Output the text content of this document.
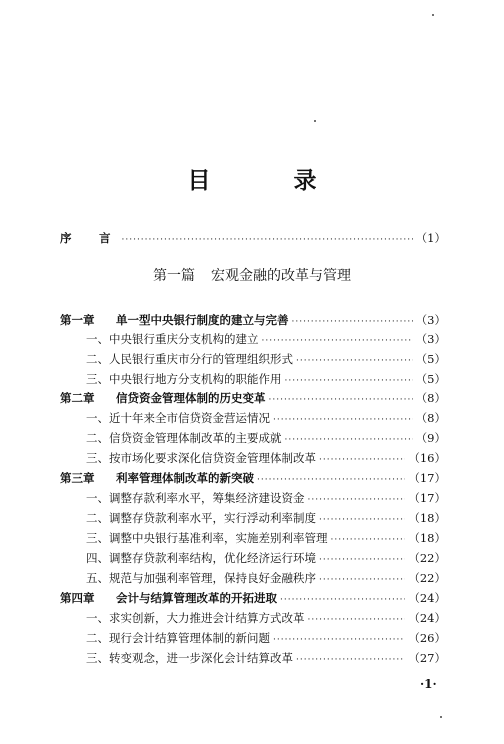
目　录
序　言 ·····	（1）
第一篇 宏观金融的改革与管理
第一章 单一型中央银行制度的建立与完善 ·····	（3）
一、中央银行重庆分支机构的建立 ·····	（3）
二、人民银行重庆市分行的管理组织形式 ·····	（5）
三、中央银行地方分支机构的职能作用 ·····	（5）
第二章 信贷资金管理体制的历史变革 ·····	（8）
一、近十年来全市信贷资金营运情况 ·····	（8）
二、信贷资金管理体制改革的主要成就 ·····	（9）
三、按市场化要求深化信贷资金管理体制改革 ·····	（16）
第三章 利率管理体制改革的新突破 ·····	（17）
一、调整存款利率水平，筹集经济建设资金 ·····	（17）
二、调整存贷款利率水平，实行浮动利率制度 ·····	（18）
三、调整中央银行基准利率，实施差别利率管理 ·····	（18）
四、调整存贷款利率结构，优化经济运行环境 ·····	（22）
五、规范与加强利率管理，保持良好金融秩序 ·····	（22）
第四章 会计与结算管理改革的开拓进取 ·····	（24）
一、求实创新，大力推进会计结算方式改革 ·····	（24）
二、现行会计结算管理体制的新问题 ·····	（26）
三、转变观念，进一步深化会计结算改革 ·····	（27）
·1·
